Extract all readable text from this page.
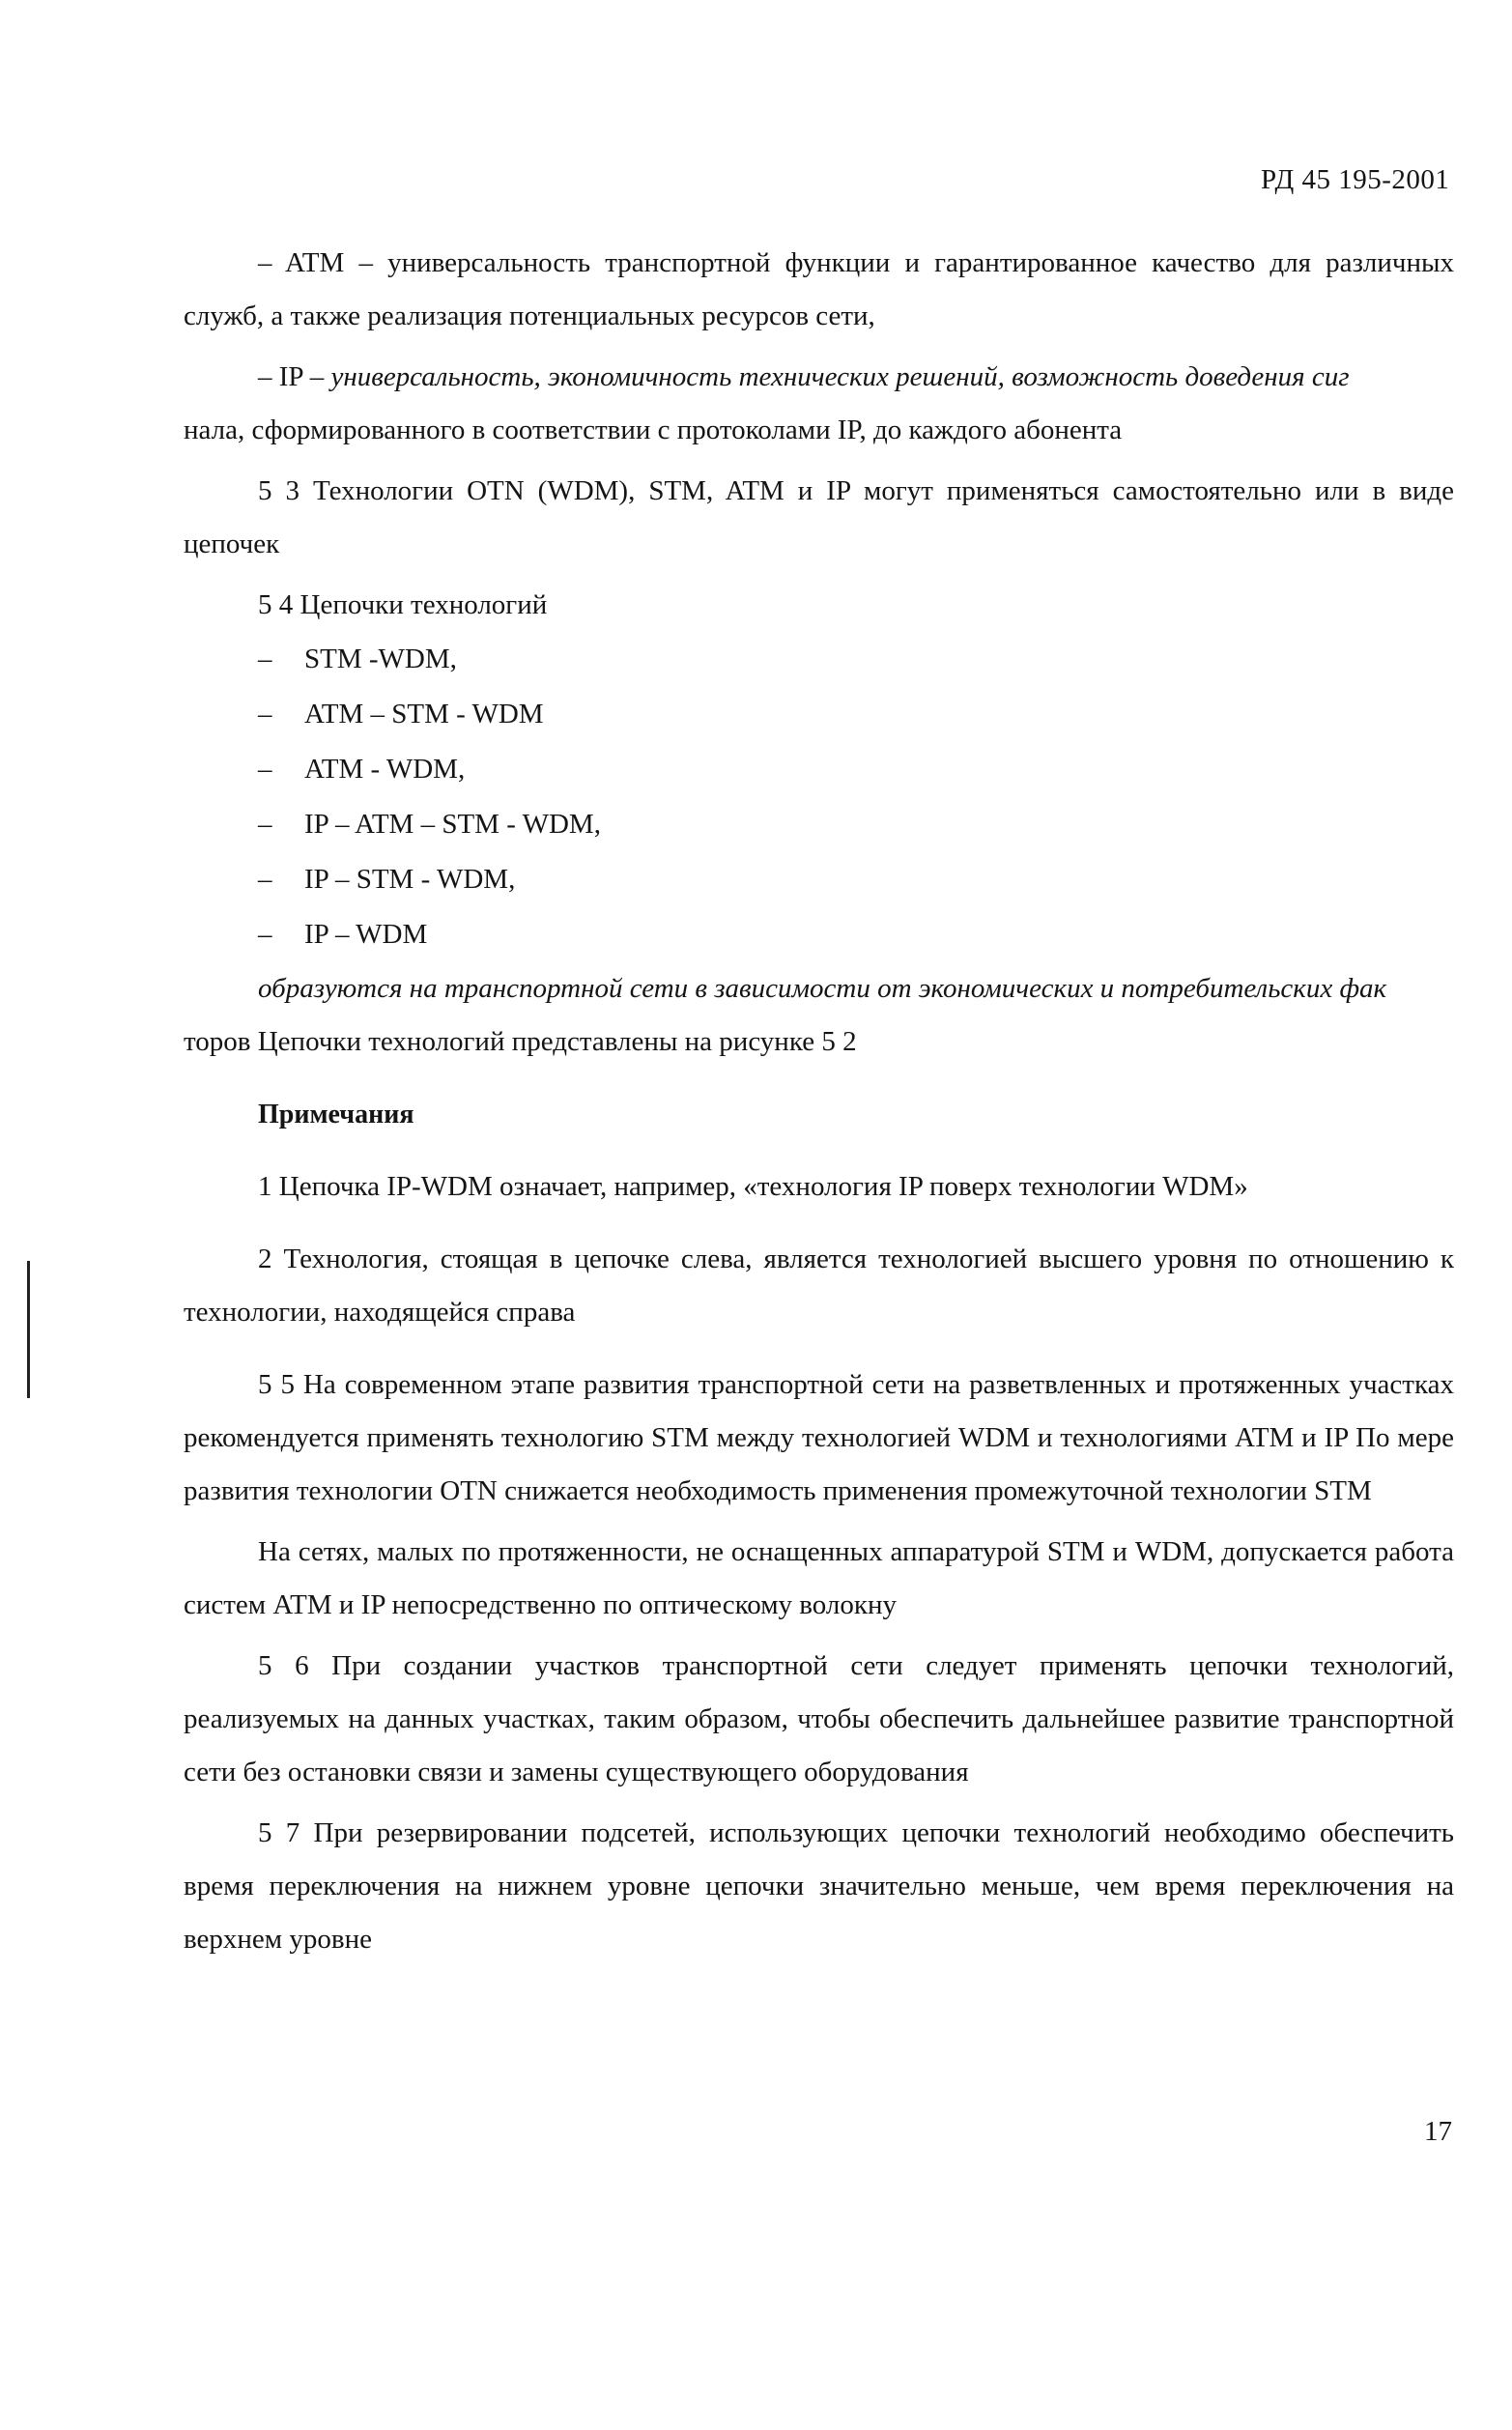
РД 45 195-2001

– ATM – универсальность транспортной функции и гарантированное качество для различных служб, а также реализация потенциальных ресурсов сети,

– IP – универсальность, экономичность технических решений, возможность доведения сиг
нала, сформированного в соответствии с протоколами IP, до каждого абонента

5 3 Технологии OTN (WDM), STM, ATM и IP могут применяться самостоятельно или в виде цепочек

5 4 Цепочки технологий

– STM -WDM,

– ATM – STM - WDM

– ATM - WDM,

– IP – ATM – STM - WDM,

– IP – STM - WDM,

– IP – WDM

образуются на транспортной сети в зависимости от экономических и потребительских фак
торов Цепочки технологий представлены на рисунке 5 2

Примечания

1 Цепочка IP-WDM означает, например, «технология IP поверх технологии WDM»

2 Технология, стоящая в цепочке слева, является технологией высшего уровня по отношению к технологии, находящейся справа

5 5 На современном этапе развития транспортной сети на разветвленных и протяженных участках рекомендуется применять технологию STM между технологией WDM и технологиями ATM и IP По мере развития технологии OTN снижается необходимость применения промежуточной технологии STM

На сетях, малых по протяженности, не оснащенных аппаратурой STM и WDM, допускается работа систем ATM и IP непосредственно по оптическому волокну

5 6 При создании участков транспортной сети следует применять цепочки технологий, реализуемых на данных участках, таким образом, чтобы обеспечить дальнейшее развитие транспортной сети без остановки связи и замены существующего оборудования

5 7 При резервировании подсетей, использующих цепочки технологий необходимо обеспечить время переключения на нижнем уровне цепочки значительно меньше, чем время переключения на верхнем уровне

17
